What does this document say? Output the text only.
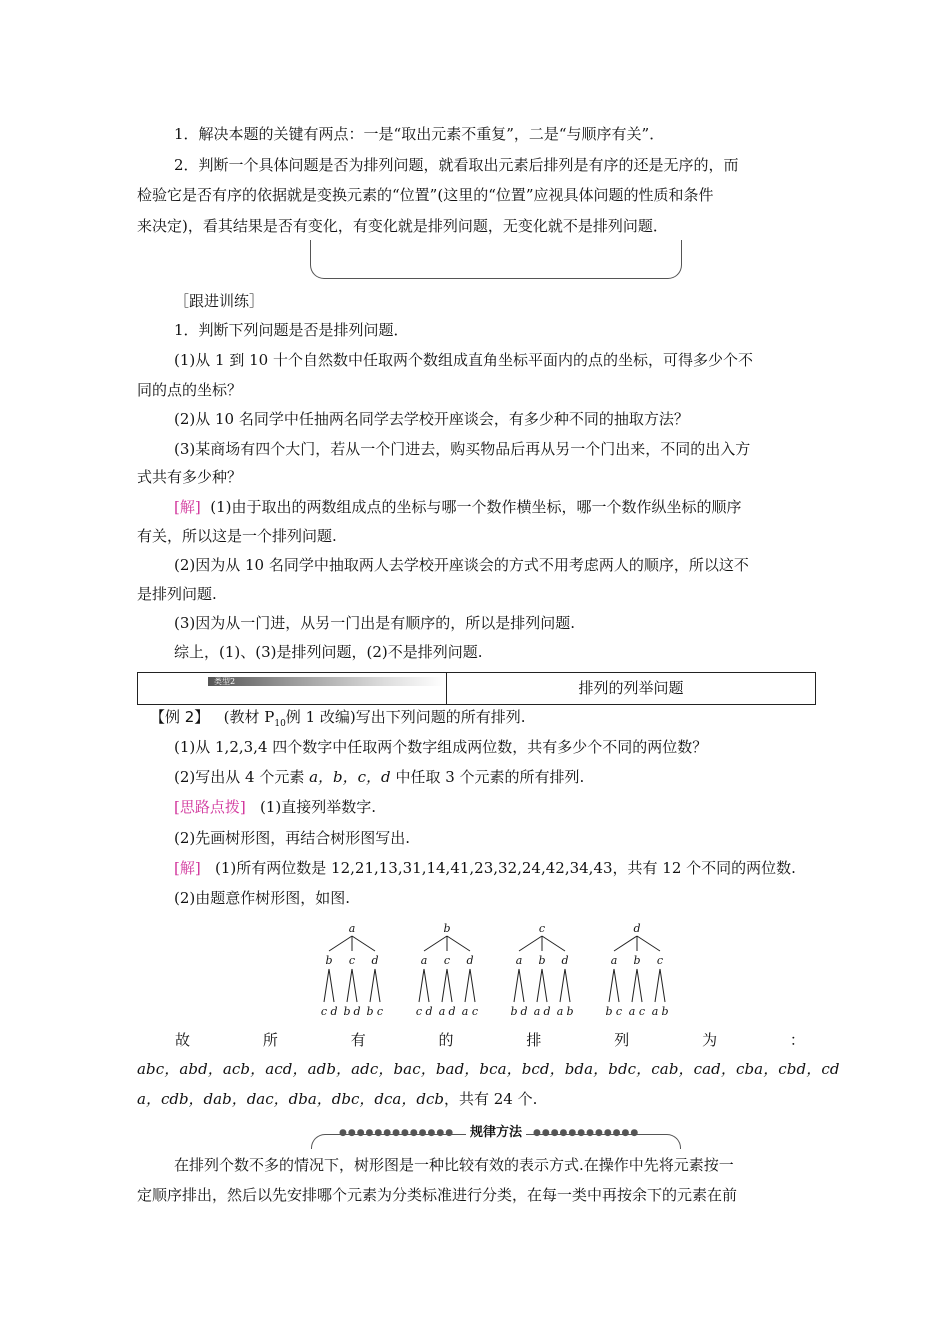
1．解决本题的关键有两点：一是“取出元素不重复”，二是“与顺序有关”．
2．判断一个具体问题是否为排列问题，就看取出元素后排列是有序的还是无序的，而
检验它是否有序的依据就是变换元素的“位置”(这里的“位置”应视具体问题的性质和条件
来决定)，看其结果是否有变化，有变化就是排列问题，无变化就不是排列问题．
［跟进训练］
1．判断下列问题是否是排列问题．
(1)从 1 到 10 十个自然数中任取两个数组成直角坐标平面内的点的坐标，可得多少个不
同的点的坐标？
(2)从 10 名同学中任抽两名同学去学校开座谈会，有多少种不同的抽取方法？
(3)某商场有四个大门，若从一个门进去，购买物品后再从另一个门出来，不同的出入方
式共有多少种？
[解] (1)由于取出的两数组成点的坐标与哪一个数作横坐标，哪一个数作纵坐标的顺序
有关，所以这是一个排列问题.
(2)因为从 10 名同学中抽取两人去学校开座谈会的方式不用考虑两人的顺序，所以这不
是排列问题.
(3)因为从一门进，从另一门出是有顺序的，所以是排列问题.
综上，(1)、(3)是排列问题，(2)不是排列问题.
类型2	排列的列举问题
【例 2】 (教材 $P_{10}$例 1 改编)写出下列问题的所有排列.
(1)从 1,2,3,4 四个数字中任取两个数字组成两位数，共有多少个不同的两位数？
(2)写出从 4 个元素 a，b，c，d 中任取 3 个元素的所有排列.
[思路点拨] (1)直接列举数字.
(2)先画树形图，再结合树形图写出.
[解] (1)所有两位数是 12,21,13,31,14,41,23,32,24,42,34,43，共有 12 个不同的两位数.
(2)由题意作树形图，如图.
a
b
c d
c
b d
d
b c
b
a
c d
c
a d
d
a c
c
a
b d
b
a d
d
a b
d
a
b c
b
a c
c
a b
故	所	有	的	排	列	为	：
abc，abd，acb，acd，adb，adc，bac，bad，bca，bcd，bda，bdc，cab，cad，cba，cbd，cd
a，cdb，dab，dac，dba，dbc，dca，dcb，共有 24 个.
●●●●●●●●●●●●●	规律方法	●●●●●●●●●●●●
在排列个数不多的情况下，树形图是一种比较有效的表示方式.在操作中先将元素按一
定顺序排出，然后以先安排哪个元素为分类标准进行分类，在每一类中再按余下的元素在前
